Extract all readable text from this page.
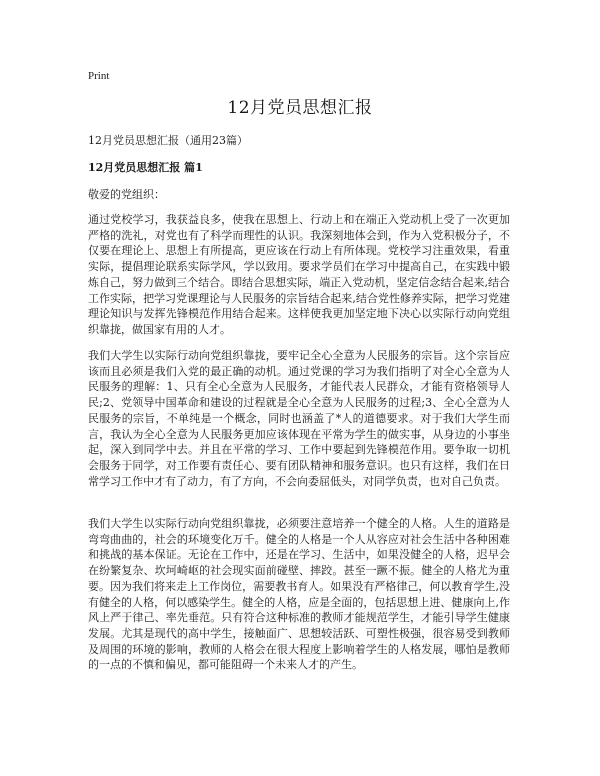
Print
12月党员思想汇报

12月党员思想汇报（通用23篇）

12月党员思想汇报 篇1

敬爱的党组织：

通过党校学习，我获益良多，使我在思想上、行动上和在端正入党动机上受了一次更加严格的洗礼，对党也有了科学而理性的认识。我深刻地体会到，作为入党积极分子，不仅要在理论上、思想上有所提高，更应该在行动上有所体现。党校学习注重效果，看重实际，提倡理论联系实际学风，学以致用。要求学员们在学习中提高自己，在实践中锻炼自己，努力做到三个结合。即结合思想实际，端正入党动机，坚定信念结合起来,结合工作实际，把学习党课理论与人民服务的宗旨结合起来,结合党性修养实际，把学习党建理论知识与发挥先锋模范作用结合起来。这样使我更加坚定地下决心以实际行动向党组织靠拢，做国家有用的人才。

我们大学生以实际行动向党组织靠拢，要牢记全心全意为人民服务的宗旨。这个宗旨应该而且必须是我们入党的最正确的动机。通过党课的学习为我们指明了对全心全意为人民服务的理解：1、只有全心全意为人民服务，才能代表人民群众，才能有资格领导人民;2、党领导中国革命和建设的过程就是全心全意为人民服务的过程;3、全心全意为人民服务的宗旨，不单纯是一个概念，同时也涵盖了*人的道德要求。对于我们大学生而言，我认为全心全意为人民服务更加应该体现在平常为学生的做实事，从身边的小事坐起，深入到同学中去。并且在平常的学习、工作中要起到先锋模范作用。要争取一切机会服务于同学，对工作要有责任心、要有团队精神和服务意识。也只有这样，我们在日常学习工作中才有了动力，有了方向，不会向委屈低头，对同学负责，也对自己负责。

我们大学生以实际行动向党组织靠拢，必须要注意培养一个健全的人格。人生的道路是弯弯曲曲的，社会的环境变化万千。健全的人格是一个人从容应对社会生活中各种困难和挑战的基本保证。无论在工作中，还是在学习、生活中，如果没健全的人格，迟早会在纷繁复杂、坎坷崎岖的社会现实面前碰壁、摔跤。甚至一蹶不振。健全的人格尤为重要。因为我们将来走上工作岗位，需要教书育人。如果没有严格律己，何以教育学生,没有健全的人格，何以感染学生。健全的人格，应是全面的，包括思想上进、健康向上,作风上严于律己、率先垂范。只有符合这种标准的教师才能规范学生，才能引导学生健康发展。尤其是现代的高中学生，接触面广、思想较活跃、可塑性极强，很容易受到教师及周围的环境的影响，教师的人格会在很大程度上影响着学生的人格发展，哪怕是教师的一点的不慎和偏见，都可能阻碍一个未来人才的产生。
